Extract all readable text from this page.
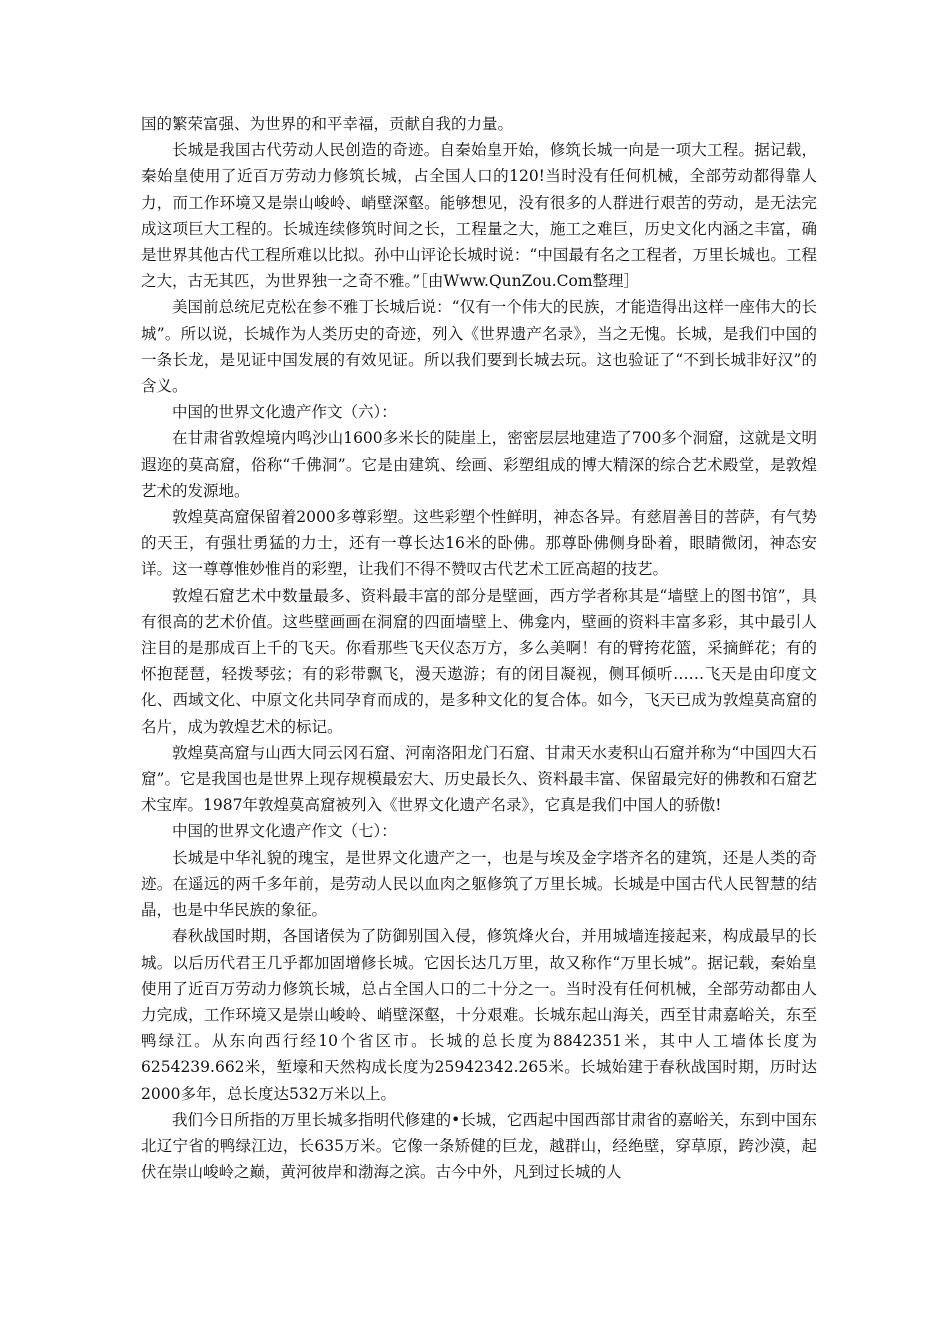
国的繁荣富强、为世界的和平幸福，贡献自我的力量。

长城是我国古代劳动人民创造的奇迹。自秦始皇开始，修筑长城一向是一项大工程。据记载，秦始皇使用了近百万劳动力修筑长城，占全国人口的120!当时没有任何机械，全部劳动都得靠人力，而工作环境又是崇山峻岭、峭壁深壑。能够想见，没有很多的人群进行艰苦的劳动，是无法完成这项巨大工程的。长城连续修筑时间之长，工程量之大，施工之难巨，历史文化内涵之丰富，确是世界其他古代工程所难以比拟。孙中山评论长城时说：“中国最有名之工程者，万里长城也。工程之大，古无其匹，为世界独一之奇不雅。”［由Www.QunZou.Com整理］

美国前总统尼克松在参不雅丁长城后说：“仅有一个伟大的民族，才能造得出这样一座伟大的长城”。所以说，长城作为人类历史的奇迹，列入《世界遗产名录》，当之无愧。长城，是我们中国的一条长龙，是见证中国发展的有效见证。所以我们要到长城去玩。这也验证了“不到长城非好汉”的含义。

中国的世界文化遗产作文（六）：

在甘肃省敦煌境内鸣沙山1600多米长的陡崖上，密密层层地建造了700多个洞窟，这就是文明遐迩的莫高窟，俗称“千佛洞”。它是由建筑、绘画、彩塑组成的博大精深的综合艺术殿堂，是敦煌艺术的发源地。

敦煌莫高窟保留着2000多尊彩塑。这些彩塑个性鲜明，神态各异。有慈眉善目的菩萨，有气势的天王，有强壮勇猛的力士，还有一尊长达16米的卧佛。那尊卧佛侧身卧着，眼睛微闭，神态安详。这一尊尊惟妙惟肖的彩塑，让我们不得不赞叹古代艺术工匠高超的技艺。

敦煌石窟艺术中数量最多、资料最丰富的部分是壁画，西方学者称其是“墙壁上的图书馆”，具有很高的艺术价值。这些壁画画在洞窟的四面墙壁上、佛龛内，壁画的资料丰富多彩，其中最引人注目的是那成百上千的飞天。你看那些飞天仪态万方，多么美啊！有的臂挎花篮，采摘鲜花；有的怀抱琵琶，轻拨琴弦；有的彩带飘飞，漫天遨游；有的闭目凝视，侧耳倾听……飞天是由印度文化、西域文化、中原文化共同孕育而成的，是多种文化的复合体。如今，飞天已成为敦煌莫高窟的名片，成为敦煌艺术的标记。

敦煌莫高窟与山西大同云冈石窟、河南洛阳龙门石窟、甘肃天水麦积山石窟并称为“中国四大石窟”。它是我国也是世界上现存规模最宏大、历史最长久、资料最丰富、保留最完好的佛教和石窟艺术宝库。1987年敦煌莫高窟被列入《世界文化遗产名录》，它真是我们中国人的骄傲!

中国的世界文化遗产作文（七）：

长城是中华礼貌的瑰宝，是世界文化遗产之一，也是与埃及金字塔齐名的建筑，还是人类的奇迹。在遥远的两千多年前，是劳动人民以血肉之躯修筑了万里长城。长城是中国古代人民智慧的结晶，也是中华民族的象征。

春秋战国时期，各国诸侯为了防御别国入侵，修筑烽火台，并用城墙连接起来，构成最早的长城。以后历代君王几乎都加固增修长城。它因长达几万里，故又称作“万里长城”。据记载，秦始皇使用了近百万劳动力修筑长城，总占全国人口的二十分之一。当时没有任何机械，全部劳动都由人力完成，工作环境又是崇山峻岭、峭壁深壑，十分艰难。长城东起山海关，西至甘肃嘉峪关，东至鸭绿江。从东向西行经10个省区市。长城的总长度为8842351米，其中人工墙体长度为6254239.662米，堑壕和天然构成长度为25942342.265米。长城始建于春秋战国时期，历时达2000多年，总长度达532万米以上。

我们今日所指的万里长城多指明代修建的•长城，它西起中国西部甘肃省的嘉峪关，东到中国东北辽宁省的鸭绿江边，长635万米。它像一条矫健的巨龙，越群山，经绝壁，穿草原，跨沙漠，起伏在崇山峻岭之巅，黄河彼岸和渤海之滨。古今中外，凡到过长城的人
